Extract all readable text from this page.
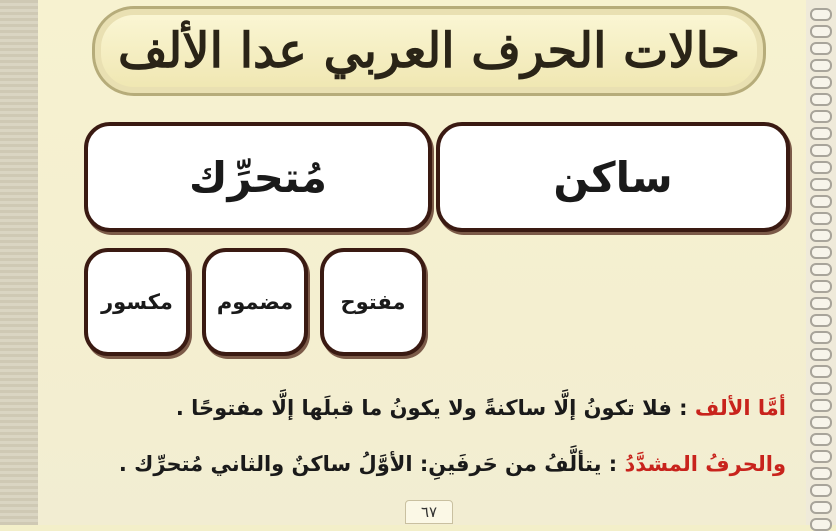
حالات الحرف العربي عدا الألف
ساكن
مُتحرِّك
مفتوح
مضموم
مكسور
أمَّا الألف : فلا تكونُ إلَّا ساكنةً ولا يكونُ ما قبلَها إلَّا مفتوحًا .
والحرفُ المشدَّدُ : يتألَّفُ من حَرفَينِ: الأوَّلُ ساكنٌ والثاني مُتحرِّك .
٦٧
